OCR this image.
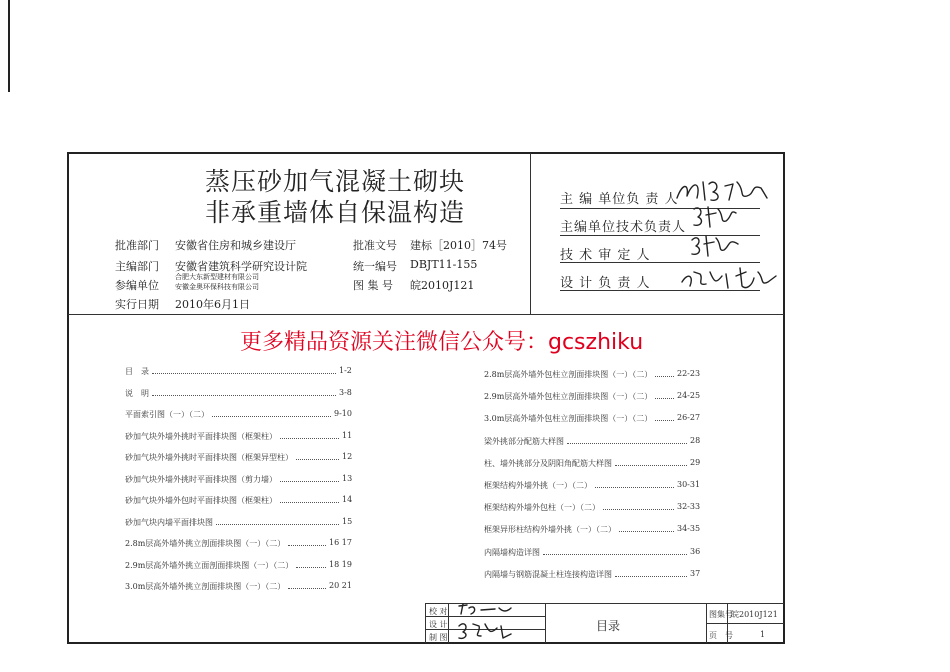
蒸压砂加气混凝土砌块
非承重墙体自保温构造
批准部门 安徽省住房和城乡建设厅
主编部门 安徽省建筑科学研究设计院
参编单位
合肥大东新型建材有限公司
安徽金奥环保科技有限公司
实行日期 2010年6月1日
批准文号 建标［2010］74号
统一编号 DBJT11-155
图 集 号 皖2010J121
主 编 单位负 责 人
主编单位技术负责人
技 术 审 定 人
设 计 负 责 人
更多精品资源关注微信公众号：gcszhiku
目　录	1-2
说　明	3-8
平面索引图（一）（二）	9-10
砂加气块外墙外挑时平面排块图（框架柱）	11
砂加气块外墙外挑时平面排块图（框架异型柱）	12
砂加气块外墙外挑时平面排块图（剪力墙）	13
砂加气块外墙外包时平面排块图（框架柱）	14
砂加气块内墙平面排块图	15
2.8m层高外墙外挑立剖面排块图（一）（二）	16 17
2.9m层高外墙外挑立面剖面排块图（一）（二）	18 19
3.0m层高外墙外挑立剖面排块图（一）（二）	20 21
2.8m层高外墙外包柱立剖面排块图（一）（二）	22-23
2.9m层高外墙外包柱立剖面排块图（一）（二）	24-25
3.0m层高外墙外包柱立剖面排块图（一）（二）	26-27
梁外挑部分配筋大样图	28
柱、墙外挑部分及阴阳角配筋大样图	29
框架结构外墙外挑（一）（二）	30-31
框架结构外墙外包柱（一）（二）	32-33
框架异形柱结构外墙外挑（一）（二）	34-35
内隔墙构造详图	36
内隔墙与钢筋混凝土柱连接构造详图	37
校 对
设 计
制 图
目录
图集号
皖2010J121
页　号	1
